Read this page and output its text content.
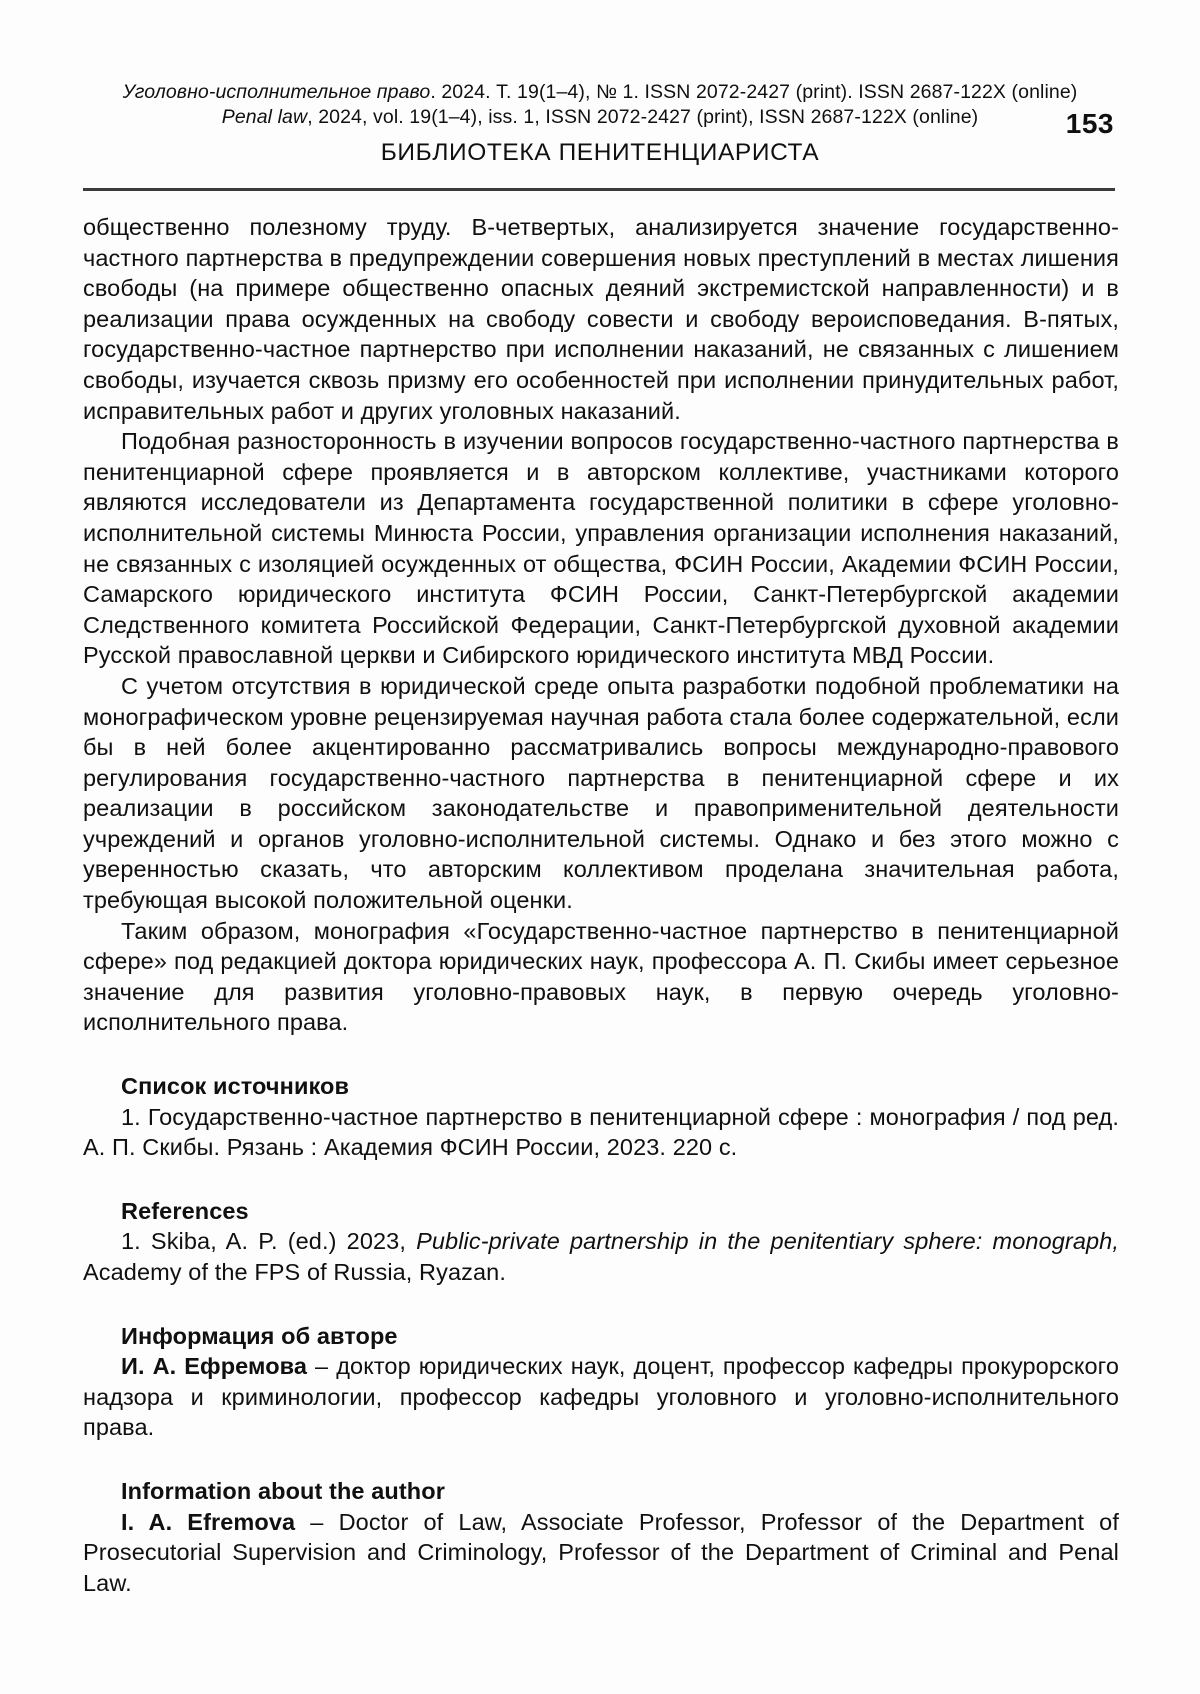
Уголовно-исполнительное право. 2024. Т. 19(1–4), № 1. ISSN 2072-2427 (print). ISSN 2687-122X (online)
Penal law, 2024, vol. 19(1–4), iss. 1, ISSN 2072-2427 (print), ISSN 2687-122X (online)	153
БИБЛИОТЕКА ПЕНИТЕНЦИАРИСТА

общественно полезному труду. В-четвертых, анализируется значение государственно-частного партнерства в предупреждении совершения новых преступлений в местах лишения свободы (на примере общественно опасных деяний экстремистской направленности) и в реализации права осужденных на свободу совести и свободу вероисповедания. В-пятых, государственно-частное партнерство при исполнении наказаний, не связанных с лишением свободы, изучается сквозь призму его особенностей при исполнении принудительных работ, исправительных работ и других уголовных наказаний.

Подобная разносторонность в изучении вопросов государственно-частного партнерства в пенитенциарной сфере проявляется и в авторском коллективе, участниками которого являются исследователи из Департамента государственной политики в сфере уголовно-исполнительной системы Минюста России, управления организации исполнения наказаний, не связанных с изоляцией осужденных от общества, ФСИН России, Академии ФСИН России, Самарского юридического института ФСИН России, Санкт-Петербургской академии Следственного комитета Российской Федерации, Санкт-Петербургской духовной академии Русской православной церкви и Сибирского юридического института МВД России.

С учетом отсутствия в юридической среде опыта разработки подобной проблематики на монографическом уровне рецензируемая научная работа стала более содержательной, если бы в ней более акцентированно рассматривались вопросы международно-правового регулирования государственно-частного партнерства в пенитенциарной сфере и их реализации в российском законодательстве и правоприменительной деятельности учреждений и органов уголовно-исполнительной системы. Однако и без этого можно с уверенностью сказать, что авторским коллективом проделана значительная работа, требующая высокой положительной оценки.

Таким образом, монография «Государственно-частное партнерство в пенитенциарной сфере» под редакцией доктора юридических наук, профессора А. П. Скибы имеет серьезное значение для развития уголовно-правовых наук, в первую очередь уголовно-исполнительного права.

Список источников

1. Государственно-частное партнерство в пенитенциарной сфере : монография / под ред. А. П. Скибы. Рязань : Академия ФСИН России, 2023. 220 с.

References

1. Skiba, A. P. (ed.) 2023, Public-private partnership in the penitentiary sphere: monograph, Academy of the FPS of Russia, Ryazan.

Информация об авторе

И. А. Ефремова – доктор юридических наук, доцент, профессор кафедры прокурорского надзора и криминологии, профессор кафедры уголовного и уголовно-исполнительного права.

Information about the author

I. A. Efremova – Doctor of Law, Associate Professor, Professor of the Department of Prosecutorial Supervision and Criminology, Professor of the Department of Criminal and Penal Law.
